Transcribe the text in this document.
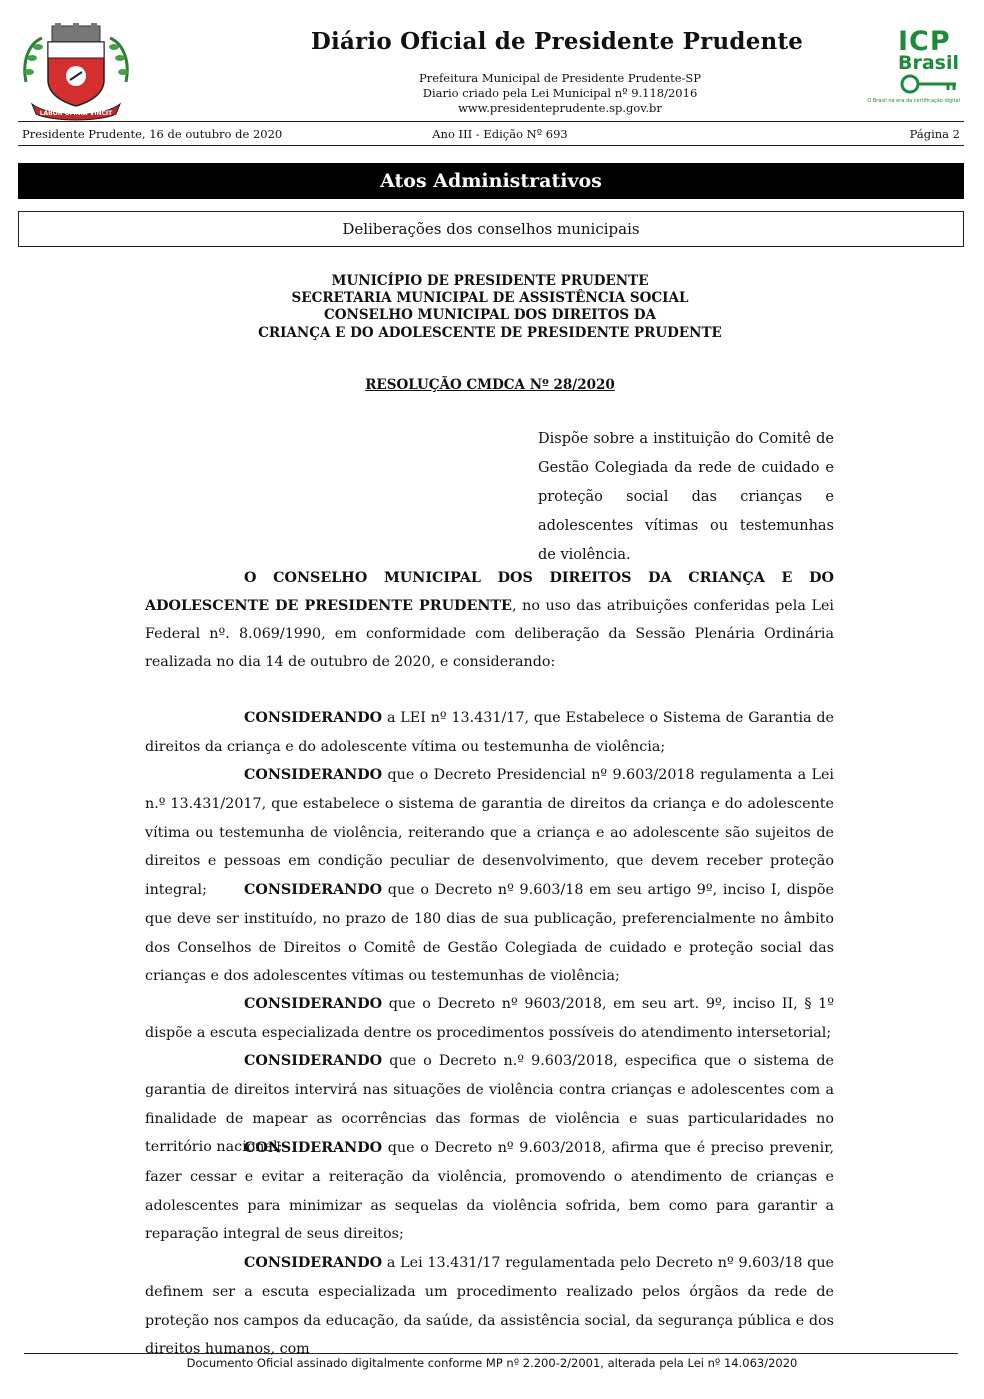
LABOR OMNIA VINCIT
Diário Oficial de Presidente Prudente
Prefeitura Municipal de Presidente Prudente-SP
Diario criado pela Lei Municipal nº 9.118/2016
www.presidenteprudente.sp.gov.br
ICP
Brasil
O Brasil na era da certificação digital
Presidente Prudente, 16 de outubro de 2020	Ano III - Edição Nº 693	Página 2
Atos Administrativos
Deliberações dos conselhos municipais
MUNICÍPIO DE PRESIDENTE PRUDENTE
SECRETARIA MUNICIPAL DE ASSISTÊNCIA SOCIAL
CONSELHO MUNICIPAL DOS DIREITOS DA
CRIANÇA E DO ADOLESCENTE DE PRESIDENTE PRUDENTE
RESOLUÇÃO CMDCA Nº 28/2020
Dispõe sobre a instituição do Comitê de Gestão Colegiada da rede de cuidado e proteção social das crianças e adolescentes vítimas ou testemunhas de violência.
O CONSELHO MUNICIPAL DOS DIREITOS DA CRIANÇA E DO ADOLESCENTE DE PRESIDENTE PRUDENTE, no uso das atribuições conferidas pela Lei Federal nº. 8.069/1990, em conformidade com deliberação da Sessão Plenária Ordinária realizada no dia 14 de outubro de 2020, e considerando:
CONSIDERANDO a LEI nº 13.431/17, que Estabelece o Sistema de Garantia de direitos da criança e do adolescente vítima ou testemunha de violência;
CONSIDERANDO que o Decreto Presidencial nº 9.603/2018 regulamenta a Lei n.º 13.431/2017, que estabelece o sistema de garantia de direitos da criança e do adolescente vítima ou testemunha de violência, reiterando que a criança e ao adolescente são sujeitos de direitos e pessoas em condição peculiar de desenvolvimento, que devem receber proteção integral;	CONSIDERANDO que o Decreto nº 9.603/18 em seu artigo 9º, inciso I, dispõe que deve ser instituído, no prazo de 180 dias de sua publicação, preferencialmente no âmbito dos Conselhos de Direitos o Comitê de Gestão Colegiada de cuidado e proteção social das crianças e dos adolescentes vítimas ou testemunhas de violência;
CONSIDERANDO que o Decreto nº 9603/2018, em seu art. 9º, inciso II, § 1º dispõe a escuta especializada dentre os procedimentos possíveis do atendimento intersetorial;
CONSIDERANDO que o Decreto n.º 9.603/2018, especifica que o sistema de garantia de direitos intervirá nas situações de violência contra crianças e adolescentes com a finalidade de mapear as ocorrências das formas de violência e suas particularidades no território nacional;
CONSIDERANDO que o Decreto nº 9.603/2018, afirma que é preciso prevenir, fazer cessar e evitar a reiteração da violência, promovendo o atendimento de crianças e adolescentes para minimizar as sequelas da violência sofrida, bem como para garantir a reparação integral de seus direitos;
CONSIDERANDO a Lei 13.431/17 regulamentada pelo Decreto nº 9.603/18 que definem ser a escuta especializada um procedimento realizado pelos órgãos da rede de proteção nos campos da educação, da saúde, da assistência social, da segurança pública e dos direitos humanos, com
Documento Oficial assinado digitalmente conforme MP nº 2.200-2/2001, alterada pela Lei nº 14.063/2020
